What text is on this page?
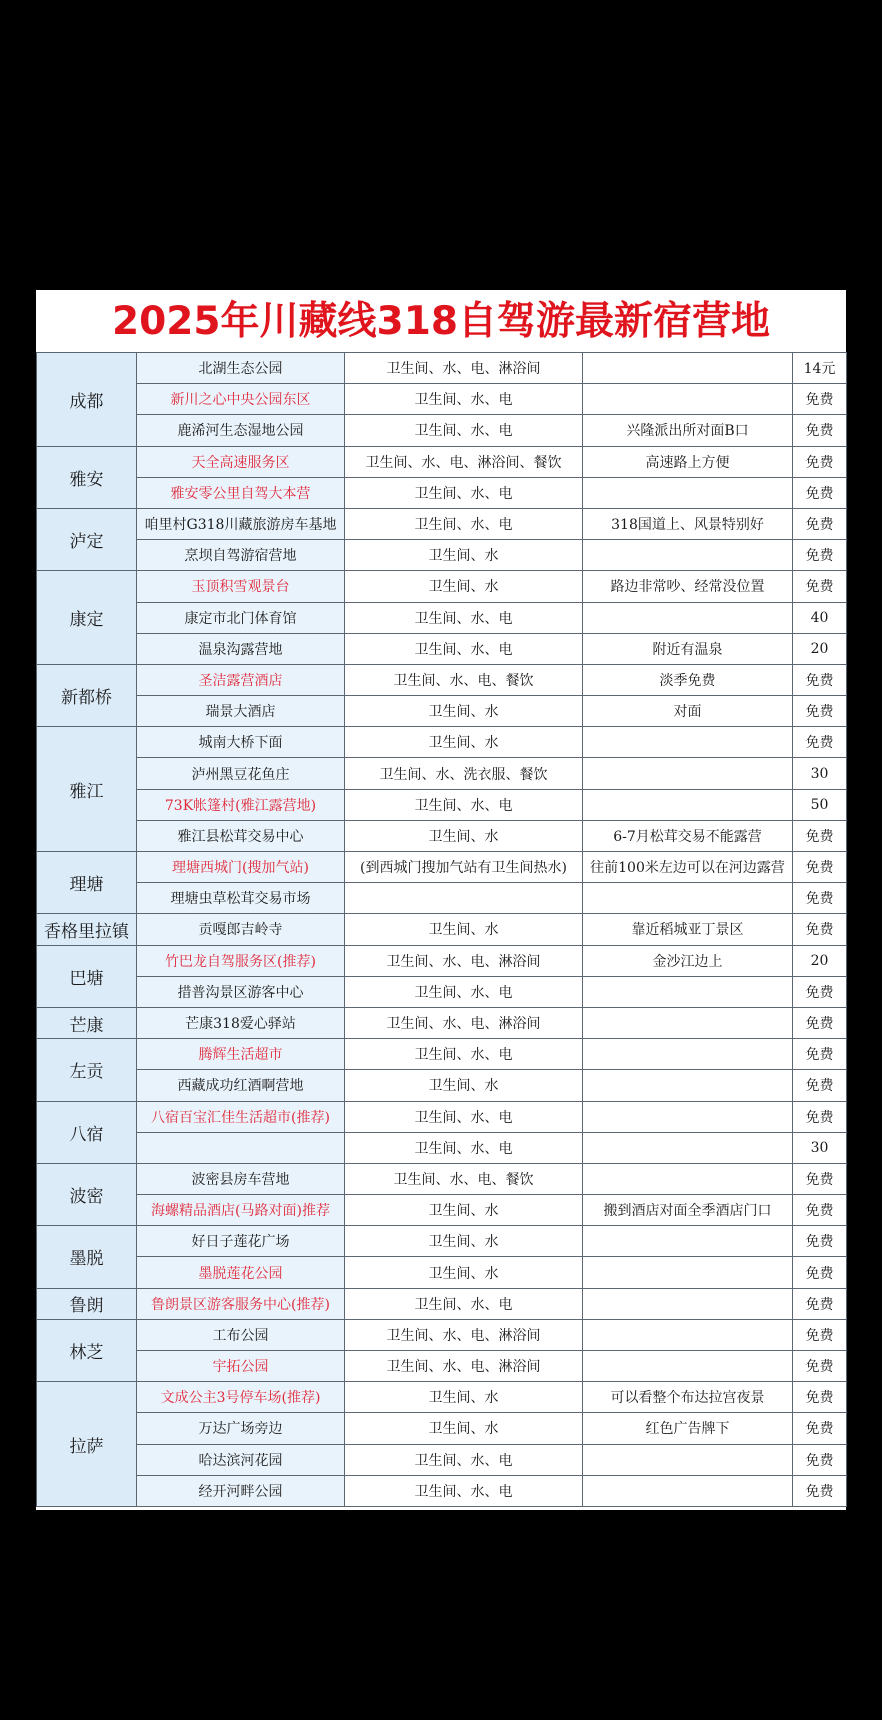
2025年川藏线318自驾游最新宿营地
成都	北湖生态公园	卫生间、水、电、淋浴间		14元
	新川之心中央公园东区	卫生间、水、电		免费
	鹿浠河生态湿地公园	卫生间、水、电	兴隆派出所对面B口	免费
雅安	天全高速服务区	卫生间、水、电、淋浴间、餐饮	高速路上方便	免费
	雅安零公里自驾大本营	卫生间、水、电		免费
泸定	咱里村G318川藏旅游房车基地	卫生间、水、电	318国道上、风景特别好	免费
	烹坝自驾游宿营地	卫生间、水		免费
康定	玉顶积雪观景台	卫生间、水	路边非常吵、经常没位置	免费
	康定市北门体育馆	卫生间、水、电		40
	温泉沟露营地	卫生间、水、电	附近有温泉	20
新都桥	圣洁露营酒店	卫生间、水、电、餐饮	淡季免费	免费
	瑞景大酒店	卫生间、水	对面	免费
雅江	城南大桥下面	卫生间、水		免费
	泸州黑豆花鱼庄	卫生间、水、洗衣服、餐饮		30
	73K帐篷村(雅江露营地)	卫生间、水、电		50
	雅江县松茸交易中心	卫生间、水	6-7月松茸交易不能露营	免费
理塘	理塘西城门(搜加气站)	(到西城门搜加气站有卫生间热水)	往前100米左边可以在河边露营	免费
	理塘虫草松茸交易市场			免费
香格里拉镇	贡嘎郎吉岭寺	卫生间、水	靠近稻城亚丁景区	免费
巴塘	竹巴龙自驾服务区(推荐)	卫生间、水、电、淋浴间	金沙江边上	20
	措普沟景区游客中心	卫生间、水、电		免费
芒康	芒康318爱心驿站	卫生间、水、电、淋浴间		免费
左贡	腾辉生活超市	卫生间、水、电		免费
	西藏成功红酒啊营地	卫生间、水		免费
八宿	八宿百宝汇佳生活超市(推荐)	卫生间、水、电		免费
		卫生间、水、电		30
波密	波密县房车营地	卫生间、水、电、餐饮		免费
	海螺精品酒店(马路对面)推荐	卫生间、水	搬到酒店对面全季酒店门口	免费
墨脱	好日子莲花广场	卫生间、水		免费
	墨脱莲花公园	卫生间、水		免费
鲁朗	鲁朗景区游客服务中心(推荐)	卫生间、水、电		免费
林芝	工布公园	卫生间、水、电、淋浴间		免费
	宇拓公园	卫生间、水、电、淋浴间		免费
拉萨	文成公主3号停车场(推荐)	卫生间、水	可以看整个布达拉宫夜景	免费
	万达广场旁边	卫生间、水	红色广告牌下	免费
	哈达滨河花园	卫生间、水、电		免费
	经开河畔公园	卫生间、水、电		免费
